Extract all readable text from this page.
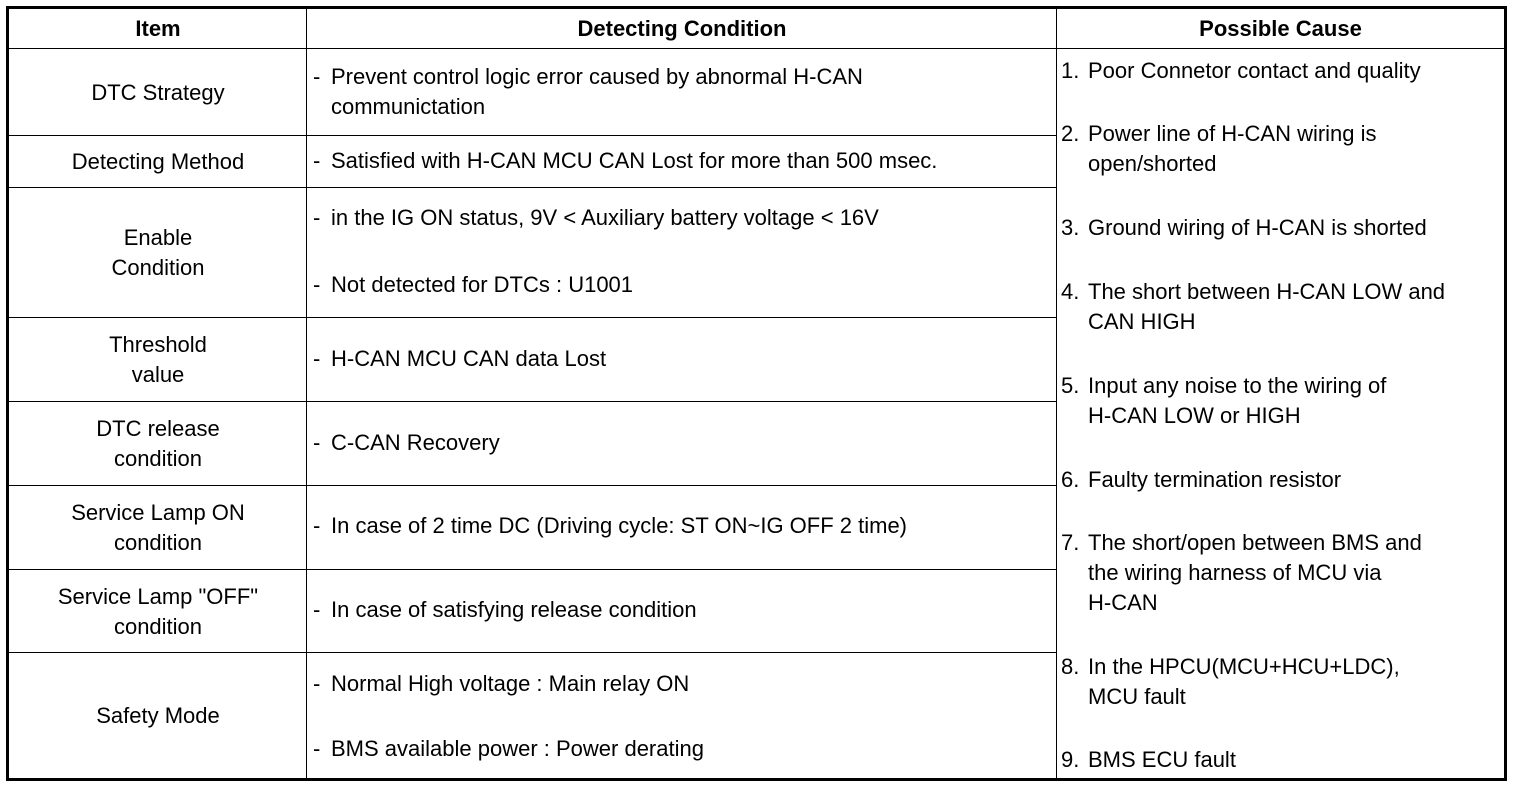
Item	Detecting Condition	Possible Cause
DTC Strategy
Detecting Method
Enable
Condition
Threshold
value
DTC release
condition
Service Lamp ON
condition
Service Lamp "OFF"
condition
Safety Mode
- Prevent control logic error caused by abnormal H-CAN
communictation
- Satisfied with H-CAN MCU CAN Lost for more than 500 msec.
- in the IG ON status, 9V < Auxiliary battery voltage < 16V
- Not detected for DTCs : U1001
- H-CAN MCU CAN data Lost
- C-CAN Recovery
- In case of 2 time DC (Driving cycle: ST ON~IG OFF 2 time)
- In case of satisfying release condition
- Normal High voltage : Main relay ON
- BMS available power : Power derating
1. Poor Connetor contact and quality
2. Power line of H-CAN wiring is
open/shorted
3. Ground wiring of H-CAN is shorted
4. The short between H-CAN LOW and
CAN HIGH
5. Input any noise to the wiring of
H-CAN LOW or HIGH
6. Faulty termination resistor
7. The short/open between BMS and
the wiring harness of MCU via
H-CAN
8. In the HPCU(MCU+HCU+LDC),
MCU fault
9. BMS ECU fault
